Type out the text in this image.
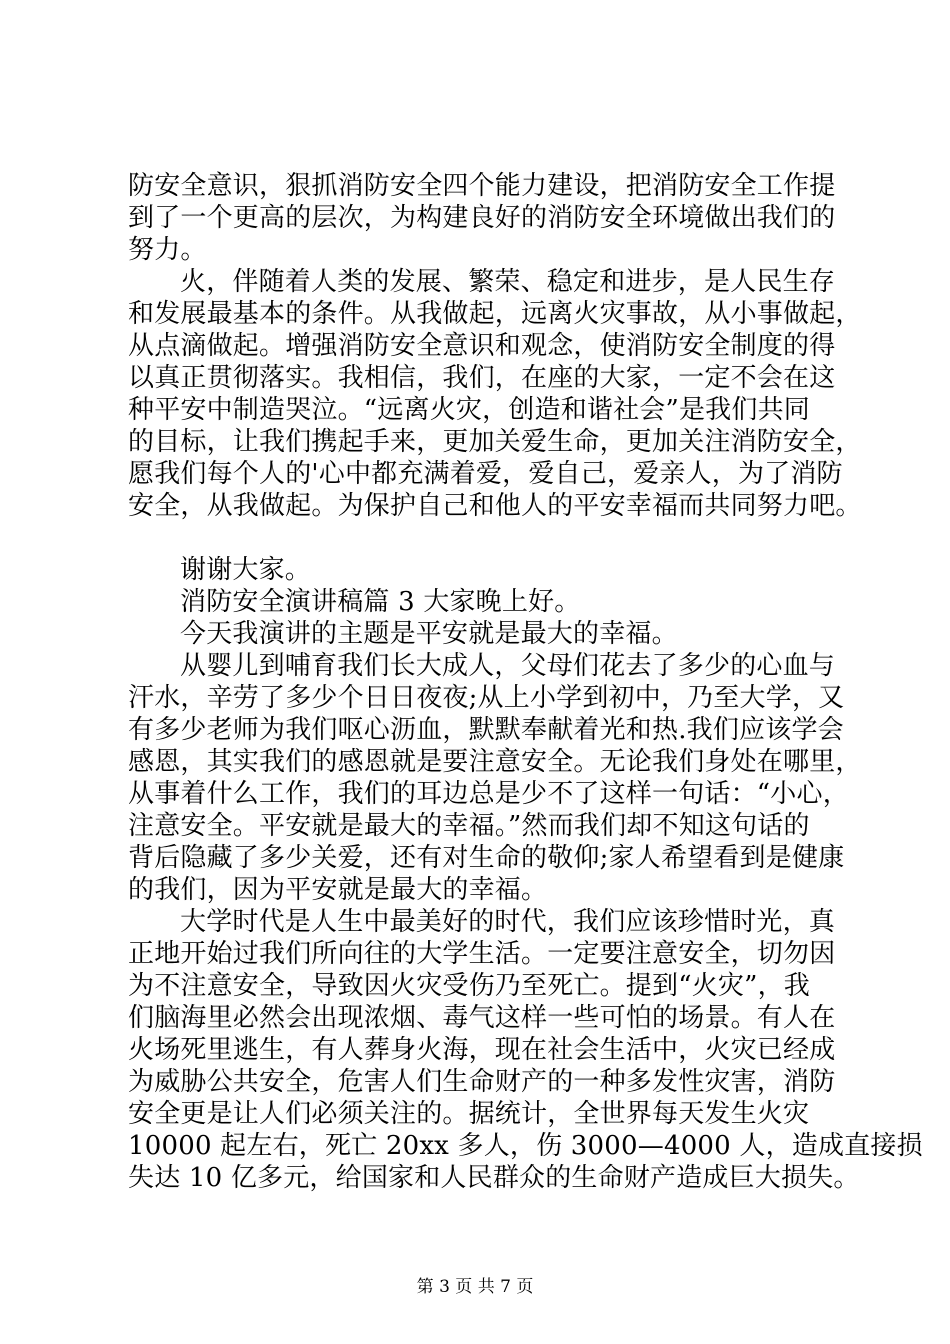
防安全意识，狠抓消防安全四个能力建设，把消防安全工作提
到了一个更高的层次，为构建良好的消防安全环境做出我们的
努力。
火，伴随着人类的发展、繁荣、稳定和进步，是人民生存
和发展最基本的条件。从我做起，远离火灾事故，从小事做起，
从点滴做起。增强消防安全意识和观念，使消防安全制度的得
以真正贯彻落实。我相信，我们，在座的大家，一定不会在这
种平安中制造哭泣。“远离火灾，创造和谐社会”是我们共同
的目标，让我们携起手来，更加关爱生命，更加关注消防安全，
愿我们每个人的'心中都充满着爱，爱自己，爱亲人，为了消防
安全，从我做起。为保护自己和他人的平安幸福而共同努力吧。
谢谢大家。
消防安全演讲稿篇 3 大家晚上好。
今天我演讲的主题是平安就是最大的幸福。
从婴儿到哺育我们长大成人，父母们花去了多少的心血与
汗水，辛劳了多少个日日夜夜;从上小学到初中，乃至大学，又
有多少老师为我们呕心沥血，默默奉献着光和热.我们应该学会
感恩，其实我们的感恩就是要注意安全。无论我们身处在哪里，
从事着什么工作，我们的耳边总是少不了这样一句话：“小心，
注意安全。平安就是最大的幸福。”然而我们却不知这句话的
背后隐藏了多少关爱，还有对生命的敬仰;家人希望看到是健康
的我们，因为平安就是最大的幸福。
大学时代是人生中最美好的时代，我们应该珍惜时光，真
正地开始过我们所向往的大学生活。一定要注意安全，切勿因
为不注意安全，导致因火灾受伤乃至死亡。提到“火灾”，我
们脑海里必然会出现浓烟、毒气这样一些可怕的场景。有人在
火场死里逃生，有人葬身火海，现在社会生活中，火灾已经成
为威胁公共安全，危害人们生命财产的一种多发性灾害，消防
安全更是让人们必须关注的。据统计，全世界每天发生火灾
10000 起左右，死亡 20xx 多人，伤 3000—4000 人，造成直接损
失达 10 亿多元，给国家和人民群众的生命财产造成巨大损失。
第 3 页 共 7 页
